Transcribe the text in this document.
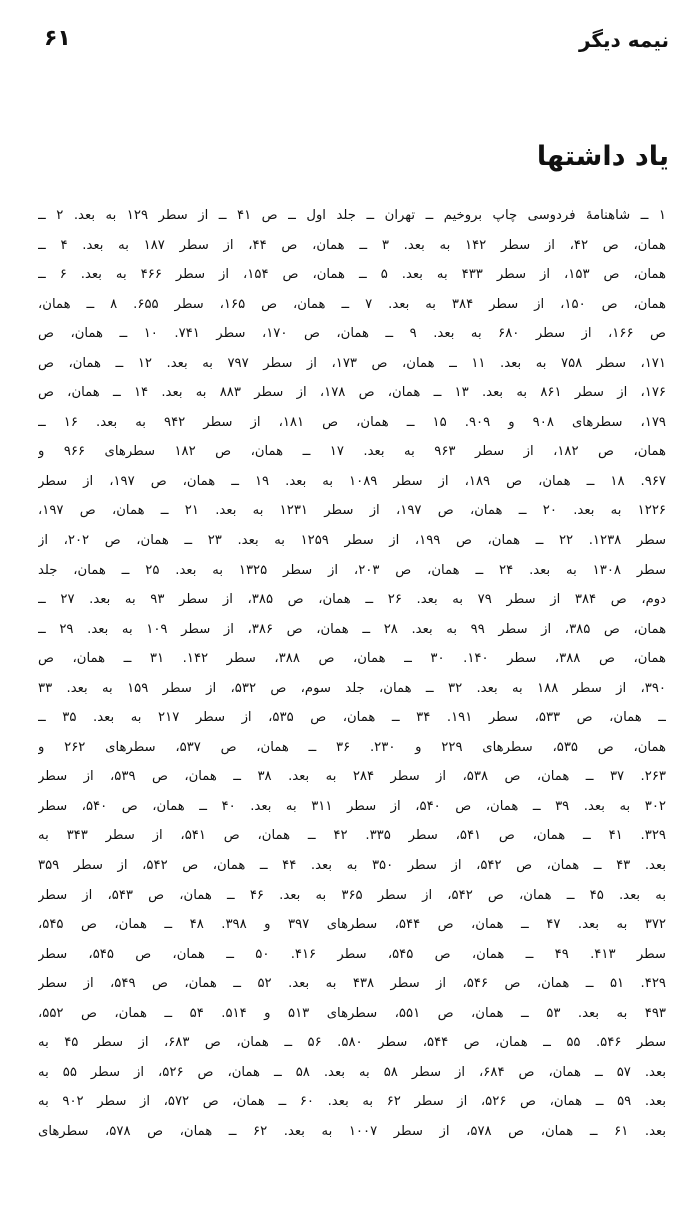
نیمه دیگر
۶۱
یاد داشتها
۱ ــ شاهنامهٔ فردوسی چاپ بروخیم ــ تهران ــ جلد اول ــ ص ۴۱ ــ از سطر ۱۲۹ به بعد. ۲ ــ
همان، ص ۴۲، از سطر ۱۴۲ به بعد. ۳ ــ همان، ص ۴۴، از سطر ۱۸۷ به بعد. ۴ ــ
همان، ص ۱۵۳، از سطر ۴۳۳ به بعد. ۵ ــ همان، ص ۱۵۴، از سطر ۴۶۶ به بعد. ۶ ــ
همان، ص ۱۵۰، از سطر ۳۸۴ به بعد. ۷ ــ همان، ص ۱۶۵، سطر ۶۵۵. ۸ ــ همان،
ص ۱۶۶، از سطر ۶۸۰ به بعد. ۹ ــ همان، ص ۱۷۰، سطر ۷۴۱. ۱۰ ــ همان، ص
۱۷۱، سطر ۷۵۸ به بعد. ۱۱ ــ همان، ص ۱۷۳، از سطر ۷۹۷ به بعد. ۱۲ ــ همان، ص
۱۷۶، از سطر ۸۶۱ به بعد. ۱۳ ــ همان، ص ۱۷۸، از سطر ۸۸۳ به بعد. ۱۴ ــ همان، ص
۱۷۹، سطرهای ۹۰۸ و ۹۰۹. ۱۵ ــ همان، ص ۱۸۱، از سطر ۹۴۲ به بعد. ۱۶ ــ
همان، ص ۱۸۲، از سطر ۹۶۳ به بعد. ۱۷ ــ همان، ص ۱۸۲ سطرهای ۹۶۶ و
۹۶۷. ۱۸ ــ همان، ص ۱۸۹، از سطر ۱۰۸۹ به بعد. ۱۹ ــ همان، ص ۱۹۷، از سطر
۱۲۲۶ به بعد. ۲۰ ــ همان، ص ۱۹۷، از سطر ۱۲۳۱ به بعد. ۲۱ ــ همان، ص ۱۹۷،
سطر ۱۲۳۸. ۲۲ ــ همان، ص ۱۹۹، از سطر ۱۲۵۹ به بعد. ۲۳ ــ همان، ص ۲۰۲، از
سطر ۱۳۰۸ به بعد. ۲۴ ــ همان، ص ۲۰۳، از سطر ۱۳۲۵ به بعد. ۲۵ ــ همان، جلد
دوم، ص ۳۸۴ از سطر ۷۹ به بعد. ۲۶ ــ همان، ص ۳۸۵، از سطر ۹۳ به بعد. ۲۷ ــ
همان، ص ۳۸۵، از سطر ۹۹ به بعد. ۲۸ ــ همان، ص ۳۸۶، از سطر ۱۰۹ به بعد. ۲۹ ــ
همان، ص ۳۸۸، سطر ۱۴۰. ۳۰ ــ همان، ص ۳۸۸، سطر ۱۴۲. ۳۱ ــ همان، ص
۳۹۰، از سطر ۱۸۸ به بعد. ۳۲ ــ همان، جلد سوم، ص ۵۳۲، از سطر ۱۵۹ به بعد. ۳۳
ــ همان، ص ۵۳۳، سطر ۱۹۱. ۳۴ ــ همان، ص ۵۳۵، از سطر ۲۱۷ به بعد. ۳۵ ــ
همان، ص ۵۳۵، سطرهای ۲۲۹ و ۲۳۰. ۳۶ ــ همان، ص ۵۳۷، سطرهای ۲۶۲ و
۲۶۳. ۳۷ ــ همان، ص ۵۳۸، از سطر ۲۸۴ به بعد. ۳۸ ــ همان، ص ۵۳۹، از سطر
۳۰۲ به بعد. ۳۹ ــ همان، ص ۵۴۰، از سطر ۳۱۱ به بعد. ۴۰ ــ همان، ص ۵۴۰، سطر
۳۲۹. ۴۱ ــ همان، ص ۵۴۱، سطر ۳۳۵. ۴۲ ــ همان، ص ۵۴۱، از سطر ۳۴۳ به
بعد. ۴۳ ــ همان، ص ۵۴۲، از سطر ۳۵۰ به بعد. ۴۴ ــ همان، ص ۵۴۲، از سطر ۳۵۹
به بعد. ۴۵ ــ همان، ص ۵۴۲، از سطر ۳۶۵ به بعد. ۴۶ ــ همان، ص ۵۴۳، از سطر
۳۷۲ به بعد. ۴۷ ــ همان، ص ۵۴۴، سطرهای ۳۹۷ و ۳۹۸. ۴۸ ــ همان، ص ۵۴۵،
سطر ۴۱۳. ۴۹ ــ همان، ص ۵۴۵، سطر ۴۱۶. ۵۰ ــ همان، ص ۵۴۵، سطر
۴۲۹. ۵۱ ــ همان، ص ۵۴۶، از سطر ۴۳۸ به بعد. ۵۲ ــ همان، ص ۵۴۹، از سطر
۴۹۳ به بعد. ۵۳ ــ همان، ص ۵۵۱، سطرهای ۵۱۳ و ۵۱۴. ۵۴ ــ همان، ص ۵۵۲،
سطر ۵۴۶. ۵۵ ــ همان، ص ۵۴۴، سطر ۵۸۰. ۵۶ ــ همان، ص ۶۸۳، از سطر ۴۵ به
بعد. ۵۷ ــ همان، ص ۶۸۴، از سطر ۵۸ به بعد. ۵۸ ــ همان، ص ۵۲۶، از سطر ۵۵ به
بعد. ۵۹ ــ همان، ص ۵۲۶، از سطر ۶۲ به بعد. ۶۰ ــ همان، ص ۵۷۲، از سطر ۹۰۲ به
بعد. ۶۱ ــ همان، ص ۵۷۸، از سطر ۱۰۰۷ به بعد. ۶۲ ــ همان، ص ۵۷۸، سطرهای
